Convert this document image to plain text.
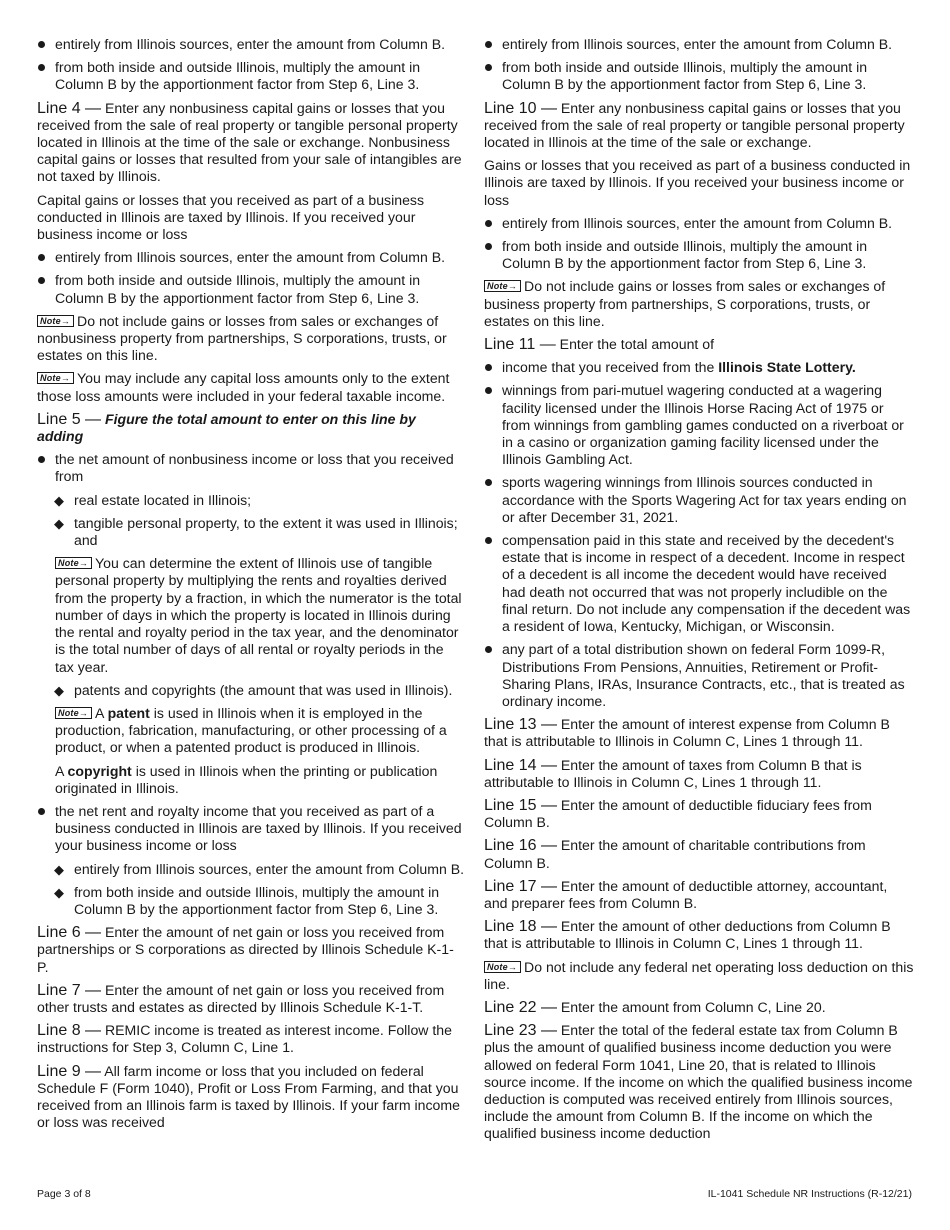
entirely from Illinois sources, enter the amount from Column B.
from both inside and outside Illinois, multiply the amount in Column B by the apportionment factor from Step 6, Line 3.

Line 4 — Enter any nonbusiness capital gains or losses that you received from the sale of real property or tangible personal property located in Illinois at the time of the sale or exchange. Nonbusiness capital gains or losses that resulted from your sale of intangibles are not taxed by Illinois.

Capital gains or losses that you received as part of a business conducted in Illinois are taxed by Illinois. If you received your business income or loss

entirely from Illinois sources, enter the amount from Column B.
from both inside and outside Illinois, multiply the amount in Column B by the apportionment factor from Step 6, Line 3.

Note→ Do not include gains or losses from sales or exchanges of nonbusiness property from partnerships, S corporations, trusts, or estates on this line.

Note→ You may include any capital loss amounts only to the extent those loss amounts were included in your federal taxable income.

Line 5 — Figure the total amount to enter on this line by adding

the net amount of nonbusiness income or loss that you received from
◆ real estate located in Illinois;
◆ tangible personal property, to the extent it was used in Illinois; and

Note→ You can determine the extent of Illinois use of tangible personal property by multiplying the rents and royalties derived from the property by a fraction, in which the numerator is the total number of days in which the property is located in Illinois during the rental and royalty period in the tax year, and the denominator is the total number of days of all rental or royalty periods in the tax year.

◆ patents and copyrights (the amount that was used in Illinois).

Note→ A patent is used in Illinois when it is employed in the production, fabrication, manufacturing, or other processing of a product, or when a patented product is produced in Illinois.

A copyright is used in Illinois when the printing or publication originated in Illinois.

the net rent and royalty income that you received as part of a business conducted in Illinois are taxed by Illinois. If you received your business income or loss
◆ entirely from Illinois sources, enter the amount from Column B.
◆ from both inside and outside Illinois, multiply the amount in Column B by the apportionment factor from Step 6, Line 3.

Line 6 — Enter the amount of net gain or loss you received from partnerships or S corporations as directed by Illinois Schedule K-1-P.

Line 7 — Enter the amount of net gain or loss you received from other trusts and estates as directed by Illinois Schedule K-1-T.

Line 8 — REMIC income is treated as interest income. Follow the instructions for Step 3, Column C, Line 1.

Line 9 — All farm income or loss that you included on federal Schedule F (Form 1040), Profit or Loss From Farming, and that you received from an Illinois farm is taxed by Illinois. If your farm income or loss was received

entirely from Illinois sources, enter the amount from Column B.
from both inside and outside Illinois, multiply the amount in Column B by the apportionment factor from Step 6, Line 3.

Line 10 — Enter any nonbusiness capital gains or losses that you received from the sale of real property or tangible personal property located in Illinois at the time of the sale or exchange.

Gains or losses that you received as part of a business conducted in Illinois are taxed by Illinois. If you received your business income or loss

entirely from Illinois sources, enter the amount from Column B.
from both inside and outside Illinois, multiply the amount in Column B by the apportionment factor from Step 6, Line 3.

Note→ Do not include gains or losses from sales or exchanges of business property from partnerships, S corporations, trusts, or estates on this line.

Line 11 — Enter the total amount of

income that you received from the Illinois State Lottery.
winnings from pari-mutuel wagering conducted at a wagering facility licensed under the Illinois Horse Racing Act of 1975 or from winnings from gambling games conducted on a riverboat or in a casino or organization gaming facility licensed under the Illinois Gambling Act.
sports wagering winnings from Illinois sources conducted in accordance with the Sports Wagering Act for tax years ending on or after December 31, 2021.
compensation paid in this state and received by the decedent's estate that is income in respect of a decedent. Income in respect of a decedent is all income the decedent would have received had death not occurred that was not properly includible on the final return. Do not include any compensation if the decedent was a resident of Iowa, Kentucky, Michigan, or Wisconsin.
any part of a total distribution shown on federal Form 1099-R, Distributions From Pensions, Annuities, Retirement or Profit-Sharing Plans, IRAs, Insurance Contracts, etc., that is treated as ordinary income.

Line 13 — Enter the amount of interest expense from Column B that is attributable to Illinois in Column C, Lines 1 through 11.

Line 14 — Enter the amount of taxes from Column B that is attributable to Illinois in Column C, Lines 1 through 11.

Line 15 — Enter the amount of deductible fiduciary fees from Column B.

Line 16 — Enter the amount of charitable contributions from Column B.

Line 17 — Enter the amount of deductible attorney, accountant, and preparer fees from Column B.

Line 18 — Enter the amount of other deductions from Column B that is attributable to Illinois in Column C, Lines 1 through 11.

Note→ Do not include any federal net operating loss deduction on this line.

Line 22 — Enter the amount from Column C, Line 20.

Line 23 — Enter the total of the federal estate tax from Column B plus the amount of qualified business income deduction you were allowed on federal Form 1041, Line 20, that is related to Illinois source income. If the income on which the qualified business income deduction is computed was received entirely from Illinois sources, include the amount from Column B. If the income on which the qualified business income deduction

Page 3 of 8	IL-1041 Schedule NR Instructions (R-12/21)
